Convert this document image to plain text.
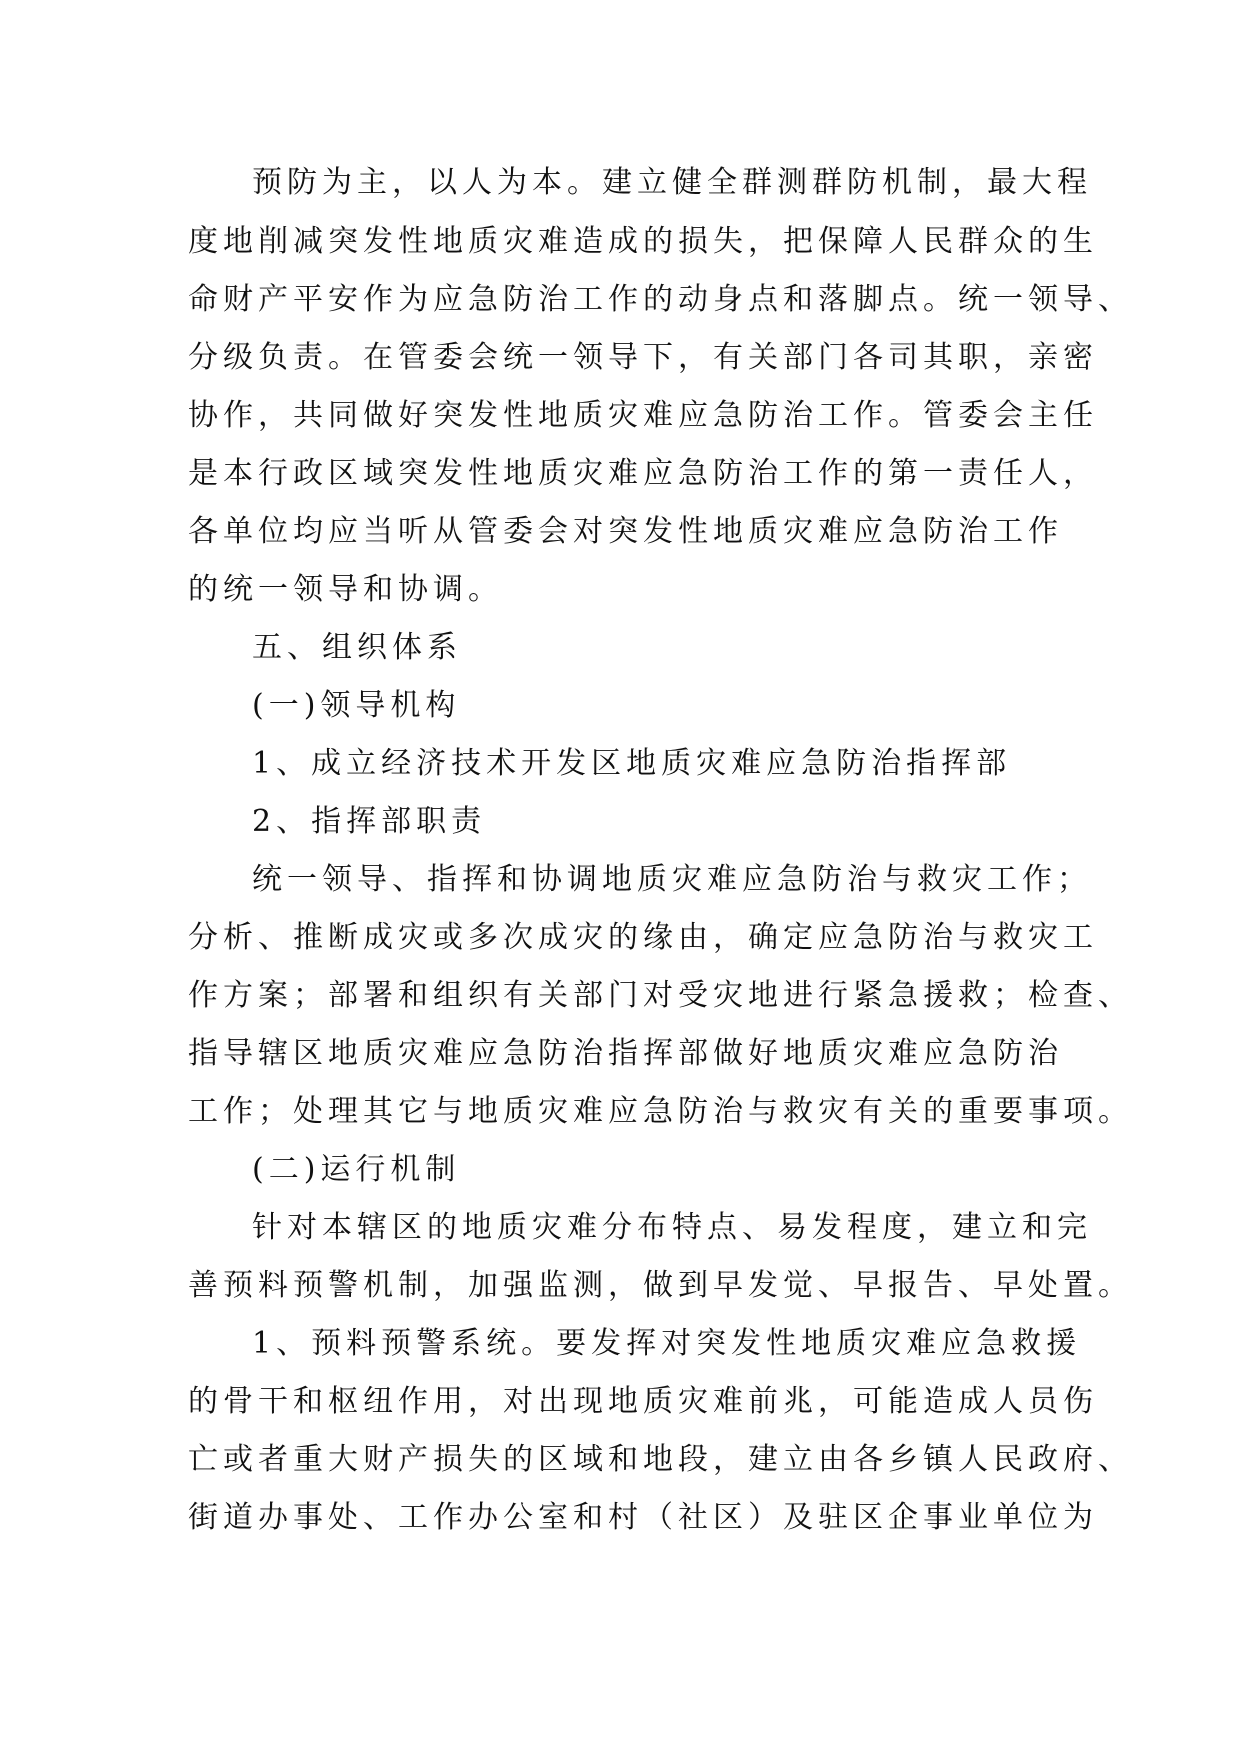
预防为主，以人为本。建立健全群测群防机制，最大程
度地削减突发性地质灾难造成的损失，把保障人民群众的生
命财产平安作为应急防治工作的动身点和落脚点。统一领导、
分级负责。在管委会统一领导下，有关部门各司其职，亲密
协作，共同做好突发性地质灾难应急防治工作。管委会主任
是本行政区域突发性地质灾难应急防治工作的第一责任人，
各单位均应当听从管委会对突发性地质灾难应急防治工作
的统一领导和协调。
五、组织体系
(一)领导机构
1、成立经济技术开发区地质灾难应急防治指挥部
2、指挥部职责
统一领导、指挥和协调地质灾难应急防治与救灾工作；
分析、推断成灾或多次成灾的缘由，确定应急防治与救灾工
作方案；部署和组织有关部门对受灾地进行紧急援救；检查、
指导辖区地质灾难应急防治指挥部做好地质灾难应急防治
工作；处理其它与地质灾难应急防治与救灾有关的重要事项。
(二)运行机制
针对本辖区的地质灾难分布特点、易发程度，建立和完
善预料预警机制，加强监测，做到早发觉、早报告、早处置。
1、预料预警系统。要发挥对突发性地质灾难应急救援
的骨干和枢纽作用，对出现地质灾难前兆，可能造成人员伤
亡或者重大财产损失的区域和地段，建立由各乡镇人民政府、
街道办事处、工作办公室和村（社区）及驻区企事业单位为
